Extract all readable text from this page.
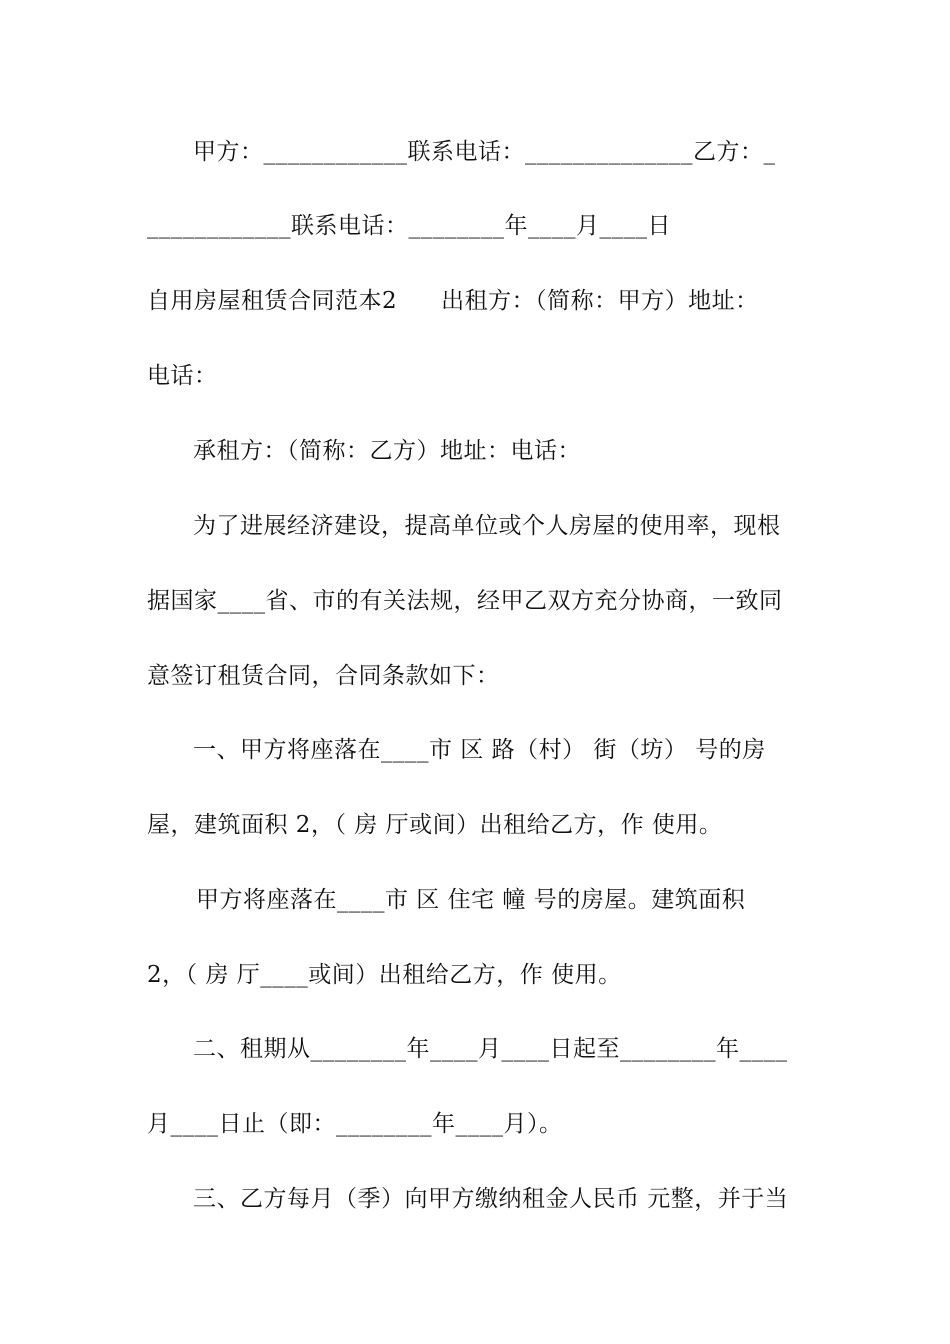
甲方：____________联系电话：______________乙方：_
____________联系电话：________年____月____日
自用房屋租赁合同范本2 出租方：（简称：甲方）地址：
电话：
承租方：（简称：乙方）地址：电话：
为了进展经济建设，提高单位或个人房屋的使用率，现根
据国家____省、市的有关法规，经甲乙双方充分协商，一致同
意签订租赁合同，合同条款如下：
一、甲方将座落在____市 区 路（村） 街（坊） 号的房
屋，建筑面积 2，（ 房 厅或间）出租给乙方，作 使用。
甲方将座落在____市 区 住宅 幢 号的房屋。建筑面积
2，（ 房 厅____或间）出租给乙方，作 使用。
二、租期从________年____月____日起至________年____
月____日止（即：________年____月）。
三、乙方每月（季）向甲方缴纳租金人民币 元整，并于当
